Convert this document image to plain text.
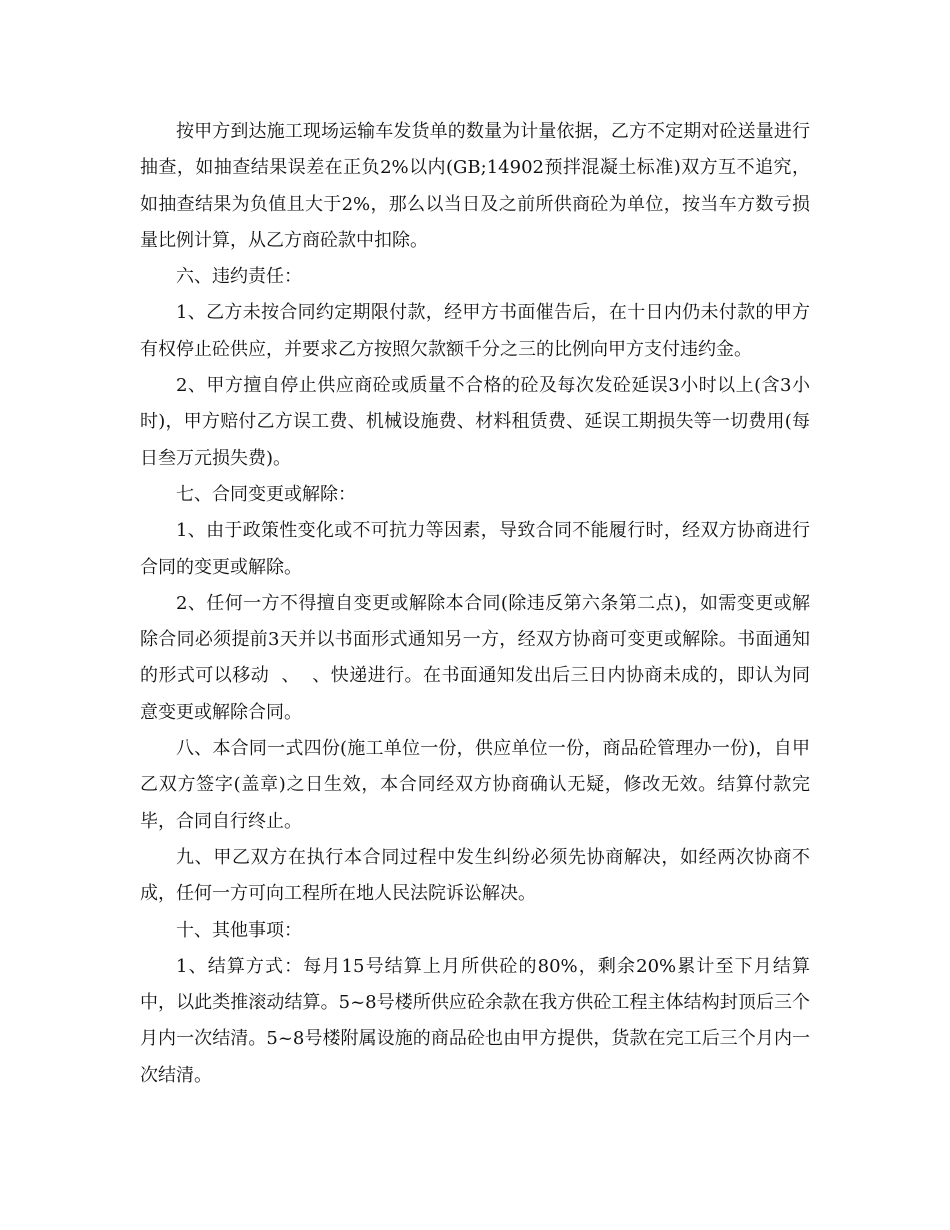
按甲方到达施工现场运输车发货单的数量为计量依据，乙方不定期对砼送量进行抽查，如抽查结果误差在正负2%以内(GB;14902预拌混凝土标准)双方互不追究，如抽查结果为负值且大于2%，那么以当日及之前所供商砼为单位，按当车方数亏损量比例计算，从乙方商砼款中扣除。

六、违约责任：

1、乙方未按合同约定期限付款，经甲方书面催告后，在十日内仍未付款的甲方有权停止砼供应，并要求乙方按照欠款额千分之三的比例向甲方支付违约金。

2、甲方擅自停止供应商砼或质量不合格的砼及每次发砼延误3小时以上(含3小时)，甲方赔付乙方误工费、机械设施费、材料租赁费、延误工期损失等一切费用(每日叁万元损失费)。

七、合同变更或解除：

1、由于政策性变化或不可抗力等因素，导致合同不能履行时，经双方协商进行合同的变更或解除。

2、任何一方不得擅自变更或解除本合同(除违反第六条第二点)，如需变更或解除合同必须提前3天并以书面形式通知另一方，经双方协商可变更或解除。书面通知的形式可以移动  、  、快递进行。在书面通知发出后三日内协商未成的，即认为同意变更或解除合同。

八、本合同一式四份(施工单位一份，供应单位一份，商品砼管理办一份)，自甲乙双方签字(盖章)之日生效，本合同经双方协商确认无疑，修改无效。结算付款完毕，合同自行终止。

九、甲乙双方在执行本合同过程中发生纠纷必须先协商解决，如经两次协商不成，任何一方可向工程所在地人民法院诉讼解决。

十、其他事项：

1、结算方式：每月15号结算上月所供砼的80%，剩余20%累计至下月结算中，以此类推滚动结算。5~8号楼所供应砼余款在我方供砼工程主体结构封顶后三个月内一次结清。5~8号楼附属设施的商品砼也由甲方提供，货款在完工后三个月内一次结清。
